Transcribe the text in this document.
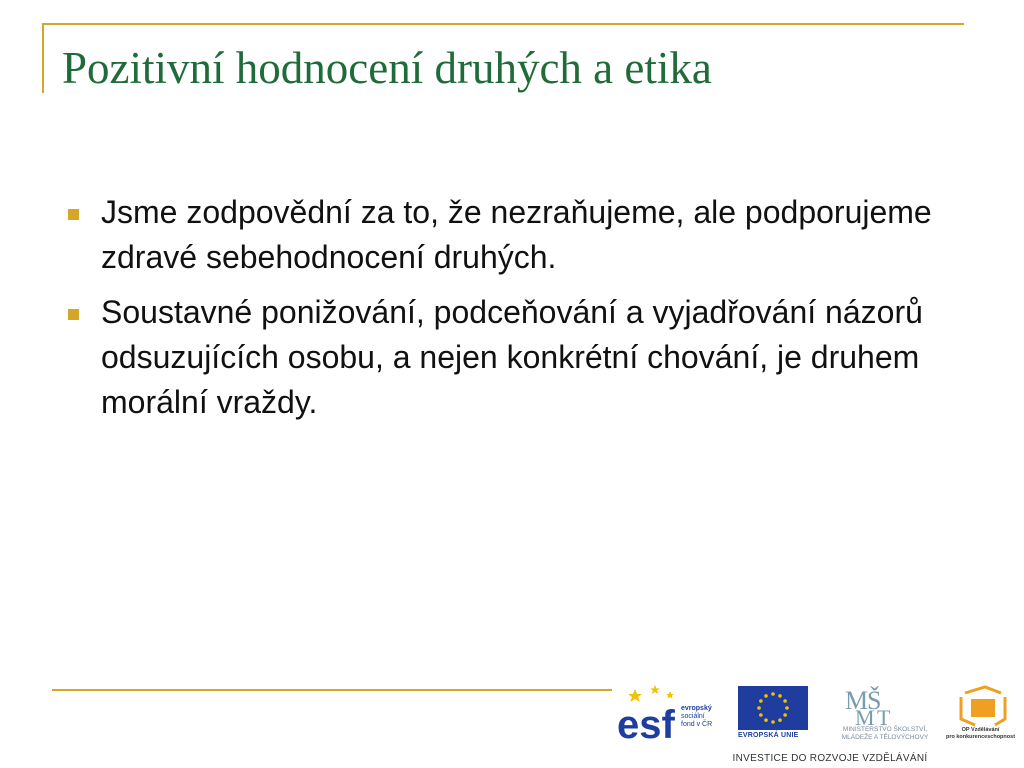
Pozitivní hodnocení druhých a etika
Jsme zodpovědní za to, že nezraňujeme, ale podporujeme zdravé sebehodnocení druhých.
Soustavné ponižování, podceňování a vyjadřování názorů odsuzujících osobu, a nejen konkrétní chování, je druhem morální vraždy.
esf evropský
sociální
fond v ČR
EVROPSKÁ UNIE
M
Š
M T
MINISTERSTVO ŠKOLSTVÍ,
MLÁDEŽE A TĚLOVÝCHOVY
OP Vzdělávání
pro konkurenceschopnost
INVESTICE DO ROZVOJE VZDĚLÁVÁNÍ
